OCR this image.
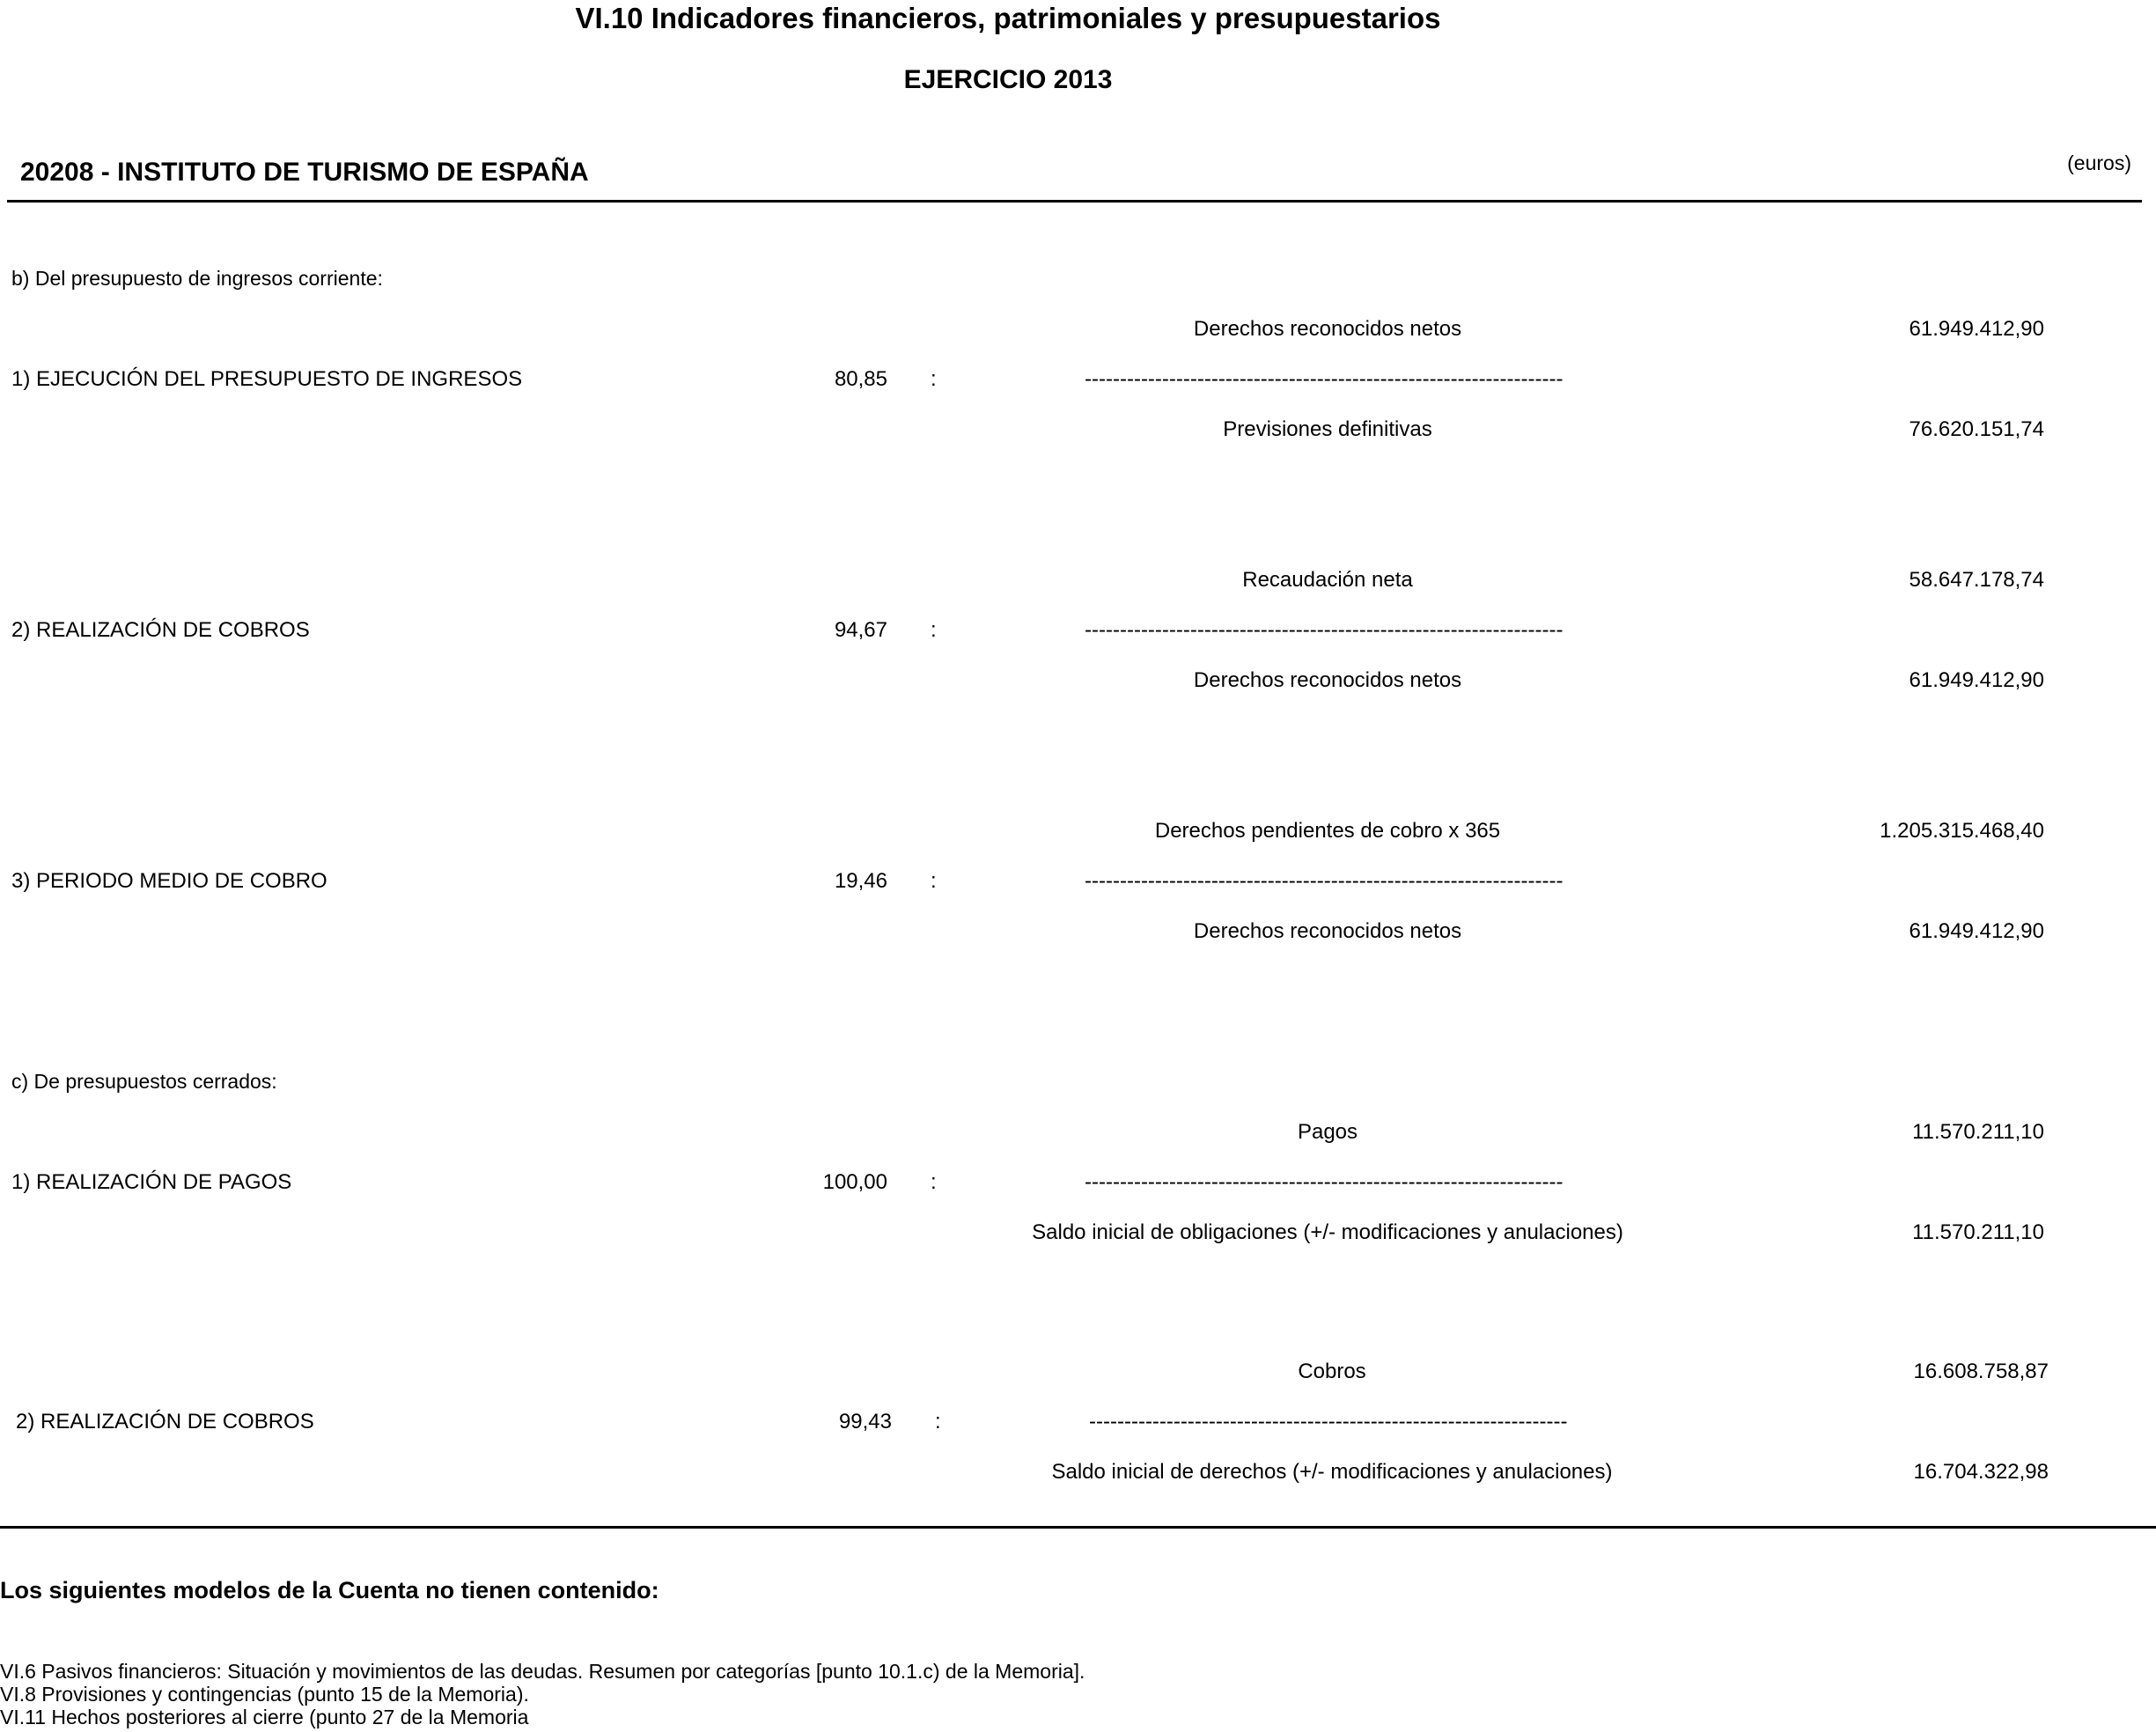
VI.10 Indicadores financieros, patrimoniales y presupuestarios
EJERCICIO 2013
20208 - INSTITUTO DE TURISMO DE ESPAÑA	(euros)
b) Del presupuesto de ingresos corriente:
Derechos reconocidos netos	61.949.412,90
1) EJECUCIÓN DEL PRESUPUESTO DE INGRESOS	80,85 :	--------------------------------------------------------------------
Previsiones definitivas	76.620.151,74
Recaudación neta	58.647.178,74
2) REALIZACIÓN DE COBROS	94,67 :	--------------------------------------------------------------------
Derechos reconocidos netos	61.949.412,90
Derechos pendientes de cobro x 365	1.205.315.468,40
3) PERIODO MEDIO DE COBRO	19,46 :	--------------------------------------------------------------------
Derechos reconocidos netos	61.949.412,90
c) De presupuestos cerrados:
Pagos	11.570.211,10
1) REALIZACIÓN DE PAGOS	100,00 :	--------------------------------------------------------------------
Saldo inicial de obligaciones (+/- modificaciones y anulaciones)	11.570.211,10
Cobros	16.608.758,87
2) REALIZACIÓN DE COBROS	99,43 :	--------------------------------------------------------------------
Saldo inicial de derechos (+/- modificaciones y anulaciones)	16.704.322,98
Los siguientes modelos de la Cuenta no tienen contenido:
VI.6 Pasivos financieros: Situación y movimientos de las deudas. Resumen por categorías [punto 10.1.c) de la Memoria].
VI.8 Provisiones y contingencias (punto 15 de la Memoria).
VI.11 Hechos posteriores al cierre (punto 27 de la Memoria
